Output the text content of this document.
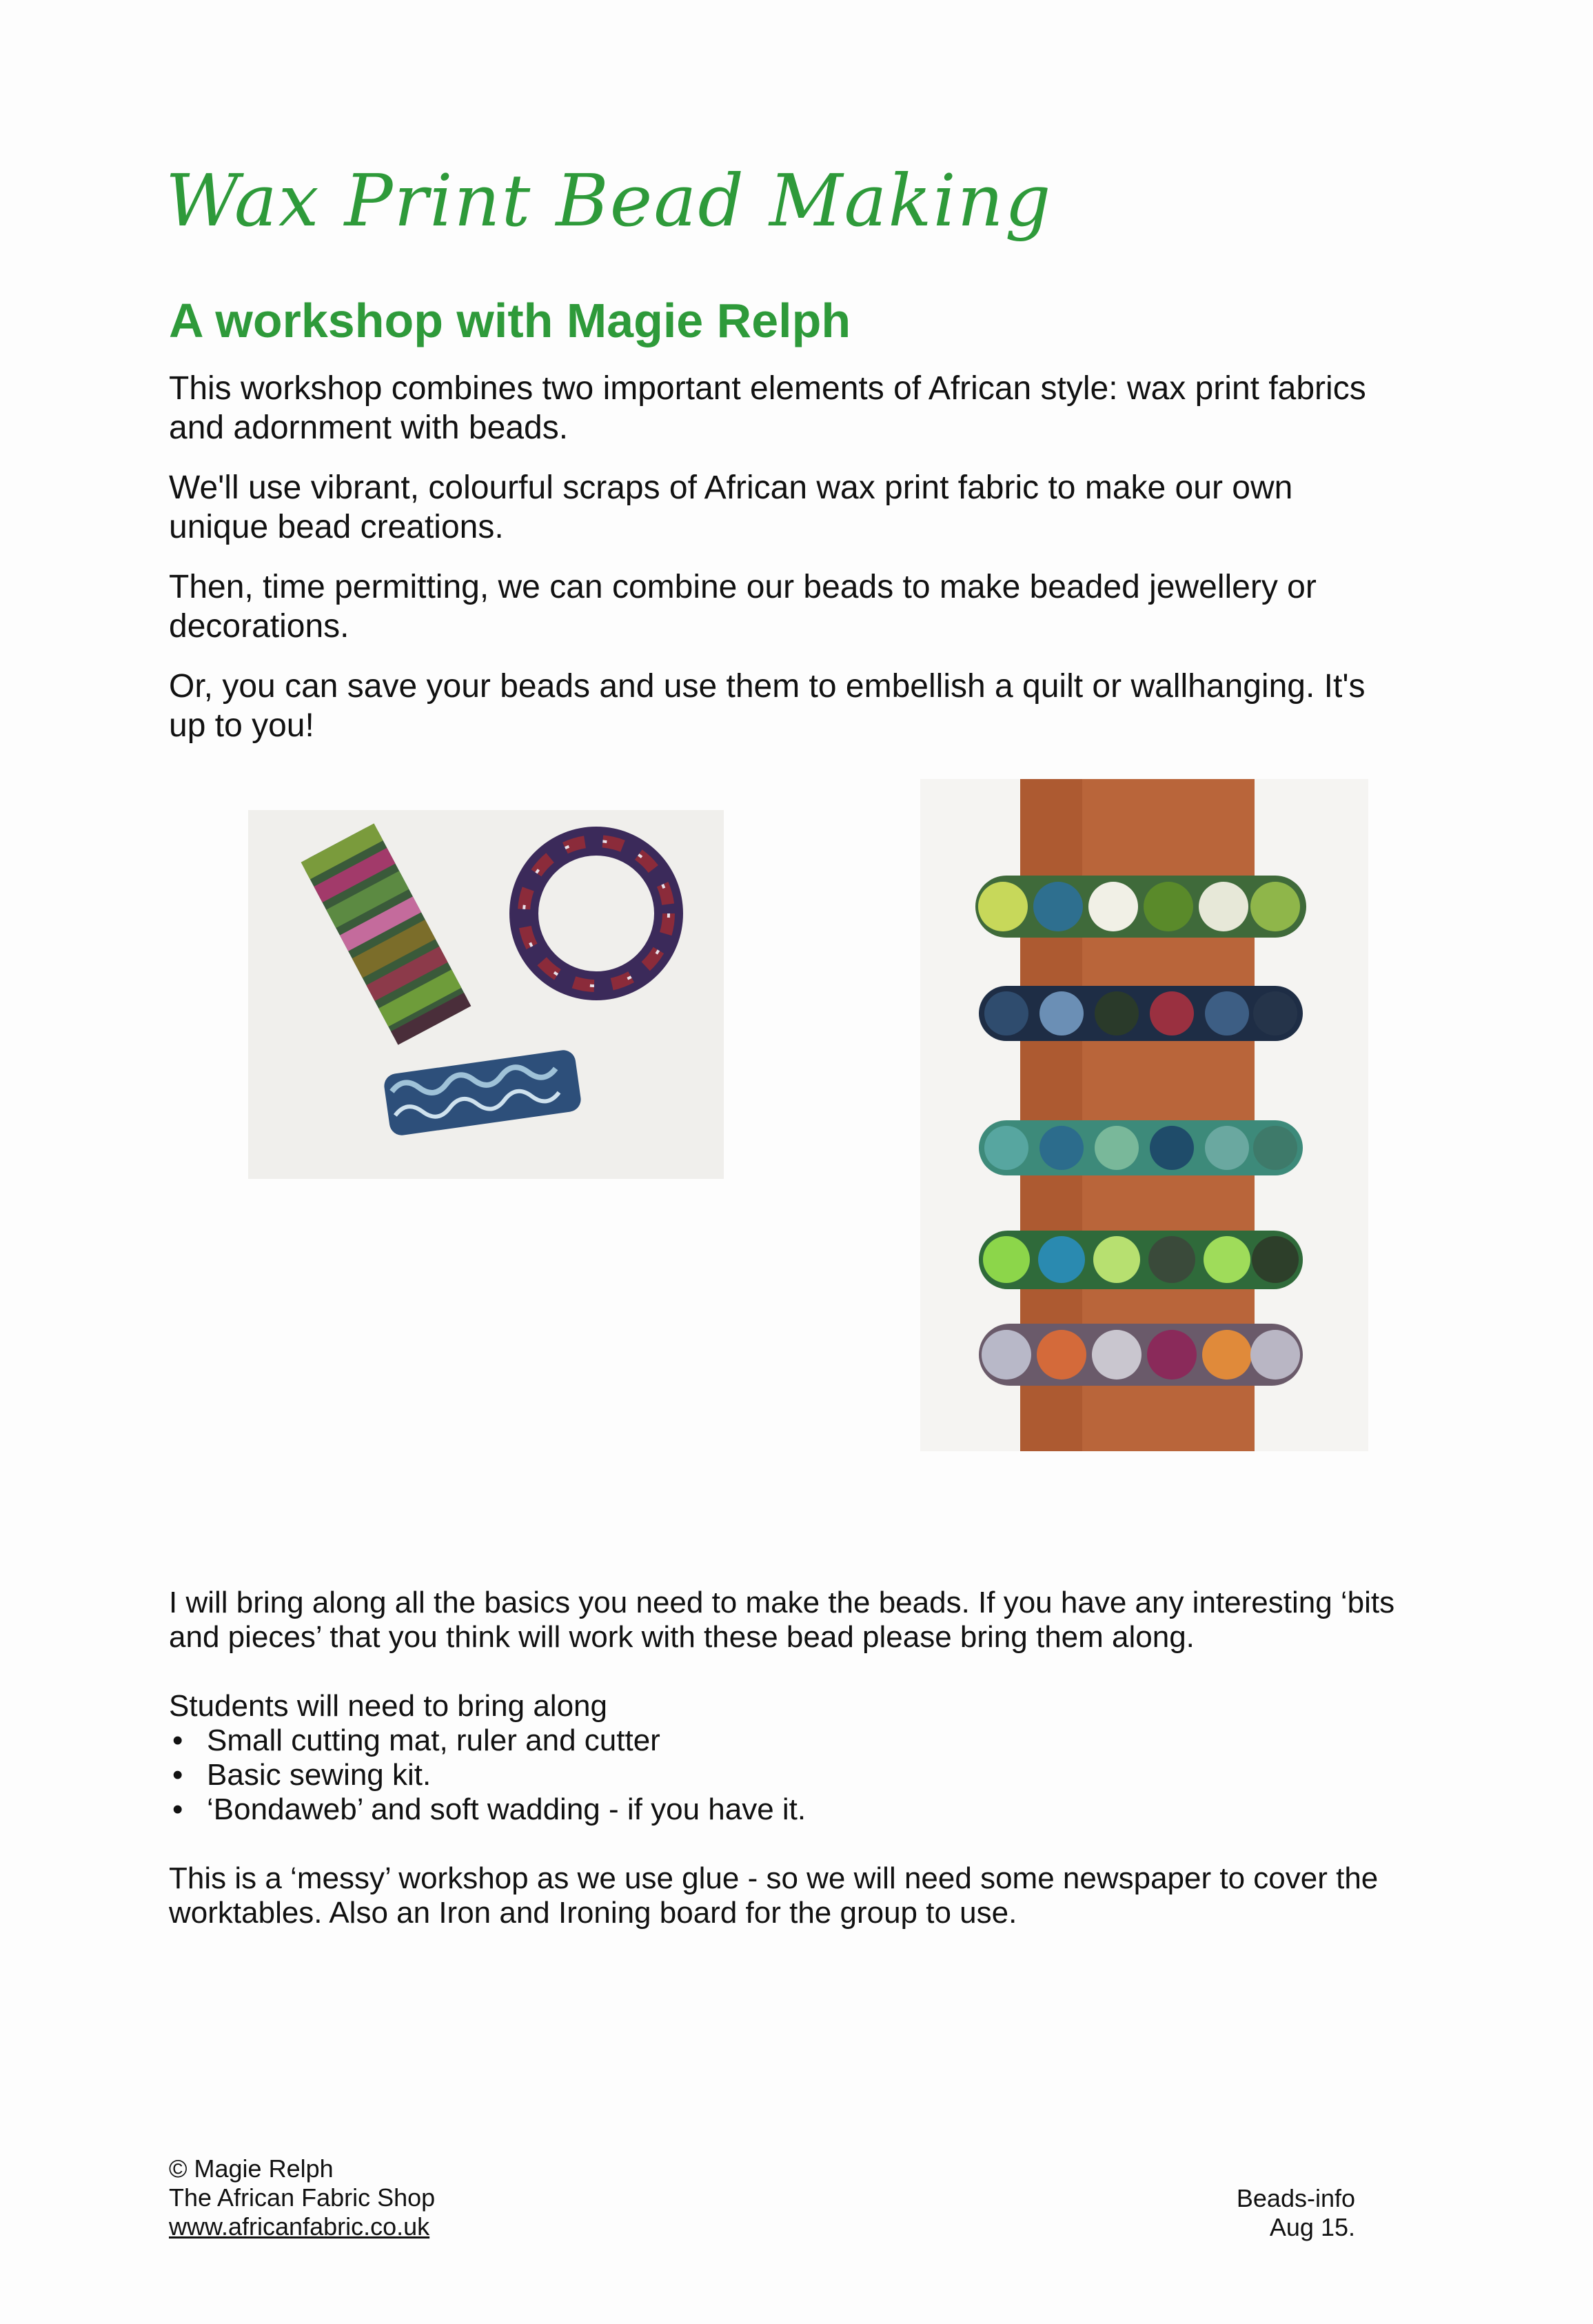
Wax Print Bead Making
A workshop with Magie Relph

This workshop combines two important elements of African style: wax print fabrics and adornment with beads.

We'll use vibrant, colourful scraps of African wax print fabric to make our own unique bead creations.

Then, time permitting, we can combine our beads to make beaded jewellery or decorations.

Or, you can save your beads and use them to embellish a quilt or wallhanging. It's up to you!

I will bring along all the basics you need to make the beads. If you have any interesting ‘bits and pieces’ that you think will work with these bead please bring them along.

Students will need to bring along

• Small cutting mat, ruler and cutter
• Basic sewing kit.
• ‘Bondaweb’ and soft wadding - if you have it.

This is a ‘messy’ workshop as we use glue - so we will need some newspaper to cover the worktables. Also an Iron and Ironing board for the group to use.

© Magie Relph
The African Fabric Shop
www.africanfabric.co.uk
Beads-info
Aug 15.
